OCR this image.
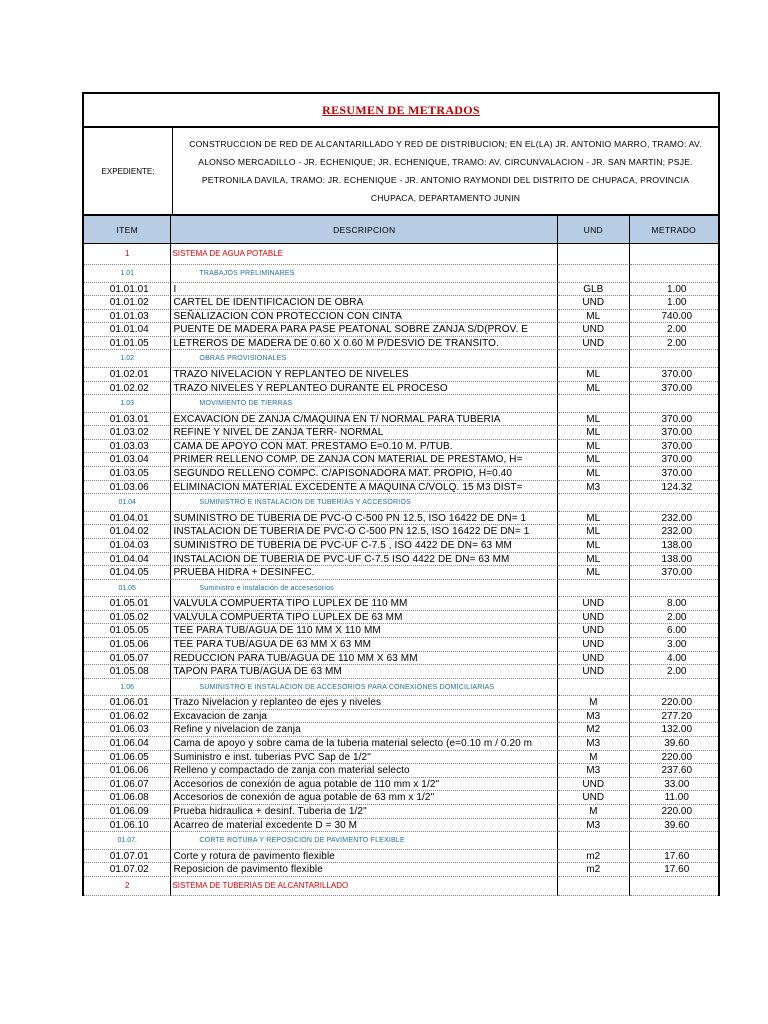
RESUMEN DE METRADOS
EXPEDIENTE:
CONSTRUCCION DE RED DE ALCANTARILLADO Y RED DE DISTRIBUCION; EN EL(LA) JR. ANTONIO MARRO, TRAMO: AV. ALONSO MERCADILLO - JR. ECHENIQUE; JR. ECHENIQUE, TRAMO: AV. CIRCUNVALACION - JR. SAN MARTIN; PSJE. PETRONILA DAVILA, TRAMO: JR. ECHENIQUE - JR. ANTONIO RAYMONDI DEL DISTRITO DE CHUPACA, PROVINCIA CHUPACA, DEPARTAMENTO JUNIN
ITEM	DESCRIPCION	UND	METRADO
1	SISTEMA DE AGUA POTABLE
1.01	TRABAJOS PRELIMINARES
01.01.01	I	GLB	1.00
01.01.02	CARTEL DE IDENTIFICACION DE OBRA	UND	1.00
01.01.03	SEÑALIZACION CON PROTECCION CON CINTA	ML	740.00
01.01.04	PUENTE DE MADERA PARA PASE PEATONAL SOBRE ZANJA S/D(PROV. E	UND	2.00
01.01.05	LETREROS DE MADERA DE 0.60 X 0.60 M P/DESVIO DE TRANSITO.	UND	2.00
1.02	OBRAS PROVISIONALES
01.02.01	TRAZO NIVELACION Y REPLANTEO DE NIVELES	ML	370.00
01.02.02	TRAZO NIVELES Y REPLANTEO DURANTE EL PROCESO	ML	370.00
1.03	MOVIMIENTO DE TIERRAS
01.03.01	EXCAVACION DE ZANJA C/MAQUINA EN T/ NORMAL PARA TUBERIA	ML	370.00
01.03.02	REFINE Y NIVEL DE ZANJA TERR- NORMAL	ML	370.00
01.03.03	CAMA DE APOYO CON MAT. PRESTAMO E=0.10 M. P/TUB.	ML	370.00
01.03.04	PRIMER RELLENO COMP. DE ZANJA CON MATERIAL DE PRESTAMO, H=	ML	370.00
01.03.05	SEGUNDO RELLENO COMPC. C/APISONADORA MAT. PROPIO, H=0.40	ML	370.00
01.03.06	ELIMINACION MATERIAL EXCEDENTE A MAQUINA C/VOLQ. 15 M3 DIST=	M3	124.32
01.04	SUMINISTRO E INSTALACION DE TUBERIAS Y ACCESORIOS
01.04.01	SUMINISTRO DE TUBERIA DE PVC-O C-500 PN 12.5, ISO 16422 DE DN= 1	ML	232.00
01.04.02	INSTALACION DE TUBERIA DE PVC-O C-500 PN 12.5, ISO 16422 DE DN= 1	ML	232.00
01.04.03	SUMINISTRO DE TUBERIA DE PVC-UF C-7.5 , ISO 4422 DE DN= 63 MM	ML	138.00
01.04.04	INSTALACION DE TUBERIA DE PVC-UF C-7.5 ISO 4422 DE DN= 63 MM	ML	138.00
01.04.05	PRUEBA HIDRA + DESINFEC.	ML	370.00
01.05	Suministro e instalación de accesesorios
01.05.01	VALVULA COMPUERTA TIPO LUPLEX DE 110 MM	UND	8.00
01.05.02	VALVULA COMPUERTA TIPO LUPLEX DE 63 MM	UND	2.00
01.05.05	TEE PARA TUB/AGUA DE 110 MM X 110 MM	UND	6.00
01.05.06	TEE PARA TUB/AGUA DE 63 MM X 63 MM	UND	3.00
01.05.07	REDUCCION PARA TUB/AGUA DE 110 MM X 63 MM	UND	4.00
01.05.08	TAPON PARA TUB/AGUA DE 63 MM	UND	2.00
1.06	SUMINISTRO E INSTALACION DE ACCESORIOS PARA CONEXIONES DOMICILIARIAS
01.06.01	Trazo Nivelacion y replanteo de ejes y niveles	M	220.00
01.06.02	Excavacion de zanja	M3	277.20
01.06.03	Refine y nivelacion de zanja	M2	132.00
01.06.04	Cama de apoyo y sobre cama de la tuberia material selecto (e=0.10 m / 0.20 m	M3	39.60
01.06.05	Suministro e inst. tuberias PVC Sap de 1/2"	M	220.00
01.06.06	Relleno y compactado de zanja con material selecto	M3	237.60
01.06.07	Accesorios de conexión de agua potable de 110 mm x 1/2"	UND	33.00
01.06.08	Accesorios de conexión de agua potable de 63 mm x 1/2"	UND	11.00
01.06.09	Prueba hidraulica + desinf. Tuberia de 1/2"	M	220.00
01.06.10	Acarreo de material excedente D = 30 M	M3	39.60
01.07.	CORTE ROTURA Y REPOSICION DE PAVIMENTO FLEXIBLE
01.07.01	Corte y rotura de pavimento flexible	m2	17.60
01.07.02	Reposicion de pavimento flexible	m2	17.60
2	SISTEMA DE TUBERIAS DE ALCANTARILLADO
